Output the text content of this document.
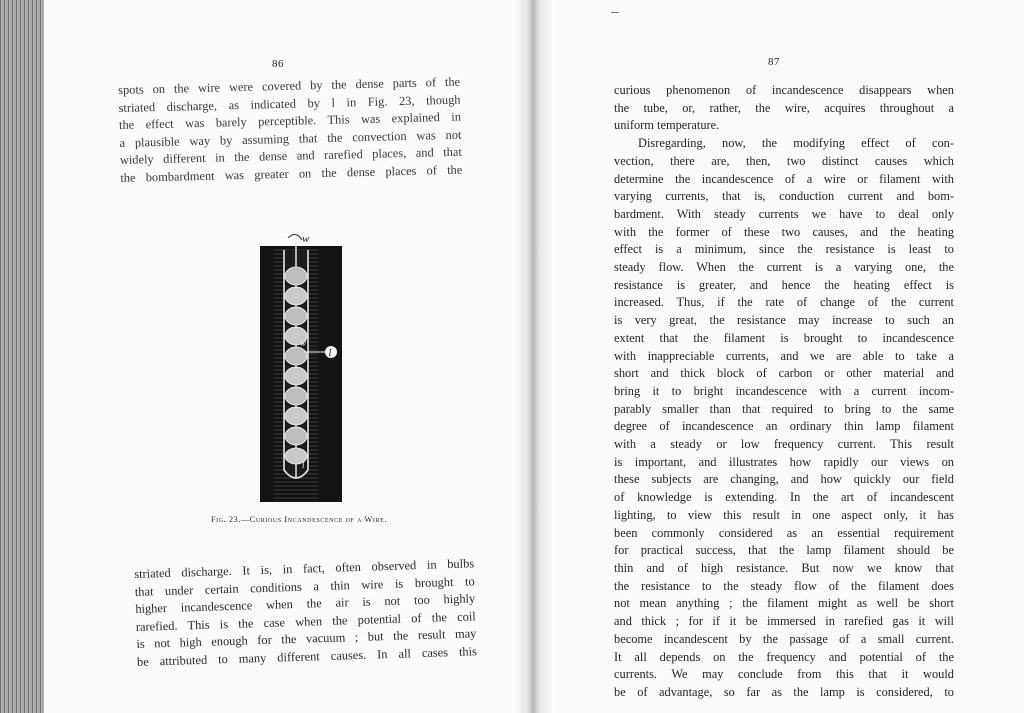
86

spots on the wire were covered by the dense parts of the
striated discharge, as indicated by l in Fig. 23, though
the effect was barely perceptible. This was explained in
a plausible way by assuming that the convection was not
widely different in the dense and rarefied places, and that
the bombardment was greater on the dense places of the

l
w
w
l
Fig. 23.—Curious Incandescence of a Wire.

striated discharge. It is, in fact, often observed in bulbs
that under certain conditions a thin wire is brought to
higher incandescence when the air is not too highly
rarefied. This is the case when the potential of the coil
is not high enough for the vacuum ; but the result may
be attributed to many different causes. In all cases this

87

curious phenomenon of incandescence disappears when
the tube, or, rather, the wire, acquires throughout a
uniform temperature.
Disregarding, now, the modifying effect of con-
vection, there are, then, two distinct causes which
determine the incandescence of a wire or filament with
varying currents, that is, conduction current and bom-
bardment. With steady currents we have to deal only
with the former of these two causes, and the heating
effect is a minimum, since the resistance is least to
steady flow. When the current is a varying one, the
resistance is greater, and hence the heating effect is
increased. Thus, if the rate of change of the current
is very great, the resistance may increase to such an
extent that the filament is brought to incandescence
with inappreciable currents, and we are able to take a
short and thick block of carbon or other material and
bring it to bright incandescence with a current incom-
parably smaller than that required to bring to the same
degree of incandescence an ordinary thin lamp filament
with a steady or low frequency current. This result
is important, and illustrates how rapidly our views on
these subjects are changing, and how quickly our field
of knowledge is extending. In the art of incandescent
lighting, to view this result in one aspect only, it has
been commonly considered as an essential requirement
for practical success, that the lamp filament should be
thin and of high resistance. But now we know that
the resistance to the steady flow of the filament does
not mean anything ; the filament might as well be short
and thick ; for if it be immersed in rarefied gas it will
become incandescent by the passage of a small current.
It all depends on the frequency and potential of the
currents. We may conclude from this that it would
be of advantage, so far as the lamp is considered, to
